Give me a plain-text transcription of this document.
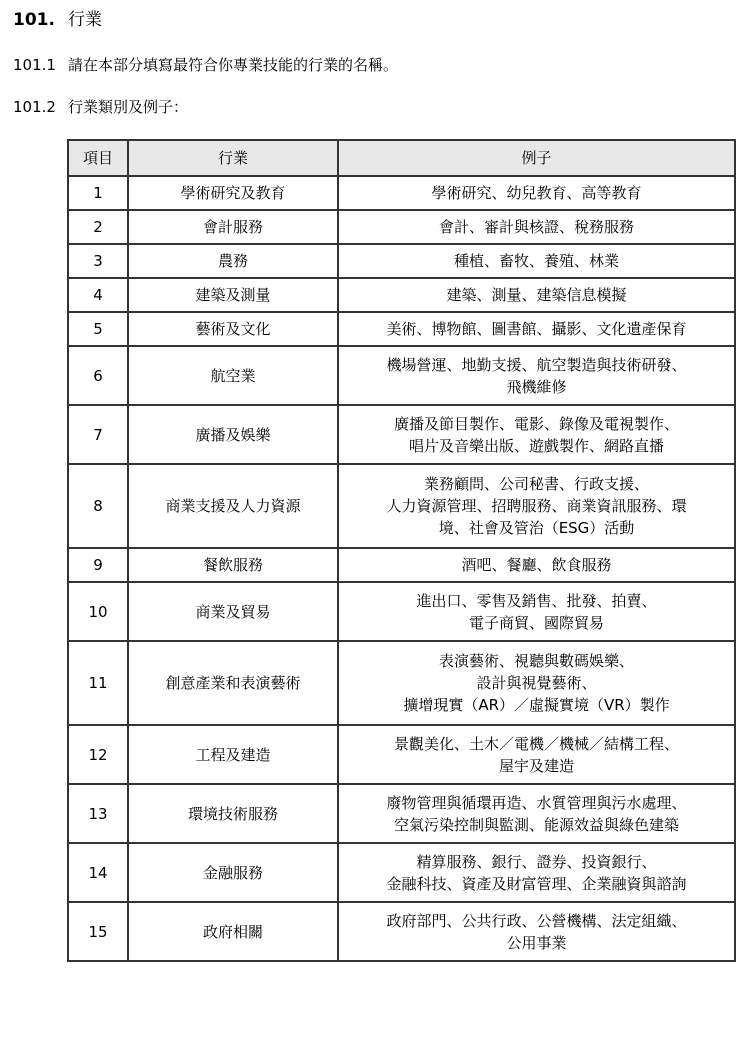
101. 行業
101.1 請在本部分填寫最符合你專業技能的行業的名稱。
101.2 行業類別及例子：
項目	行業	例子
1	學術研究及教育	學術研究、幼兒教育、高等教育

2	會計服務	會計、審計與核證、稅務服務

3	農務	種植、畜牧、養殖、林業

4	建築及測量	建築、測量、建築信息模擬

5	藝術及文化	美術、博物館、圖書館、攝影、文化遺產保育

6	航空業	機場營運、地勤支援、航空製造與技術研發、
飛機維修

7	廣播及娛樂	廣播及節目製作、電影、錄像及電視製作、
唱片及音樂出版、遊戲製作、網路直播

8	商業支援及人力資源	業務顧問、公司秘書、行政支援、
人力資源管理、招聘服務、商業資訊服務、環
境、社會及管治（ESG）活動

9	餐飲服務	酒吧、餐廳、飲食服務

10	商業及貿易	進出口、零售及銷售、批發、拍賣、
電子商貿、國際貿易

11	創意產業和表演藝術	表演藝術、視聽與數碼娛樂、
設計與視覺藝術、
擴增現實（AR）／虛擬實境（VR）製作

12	工程及建造	景觀美化、土木／電機／機械／結構工程、
屋宇及建造

13	環境技術服務	廢物管理與循環再造、水質管理與污水處理、
空氣污染控制與監測、能源效益與綠色建築

14	金融服務	精算服務、銀行、證券、投資銀行、
金融科技、資產及財富管理、企業融資與諮詢

15	政府相關	政府部門、公共行政、公營機構、法定組織、
公用事業
